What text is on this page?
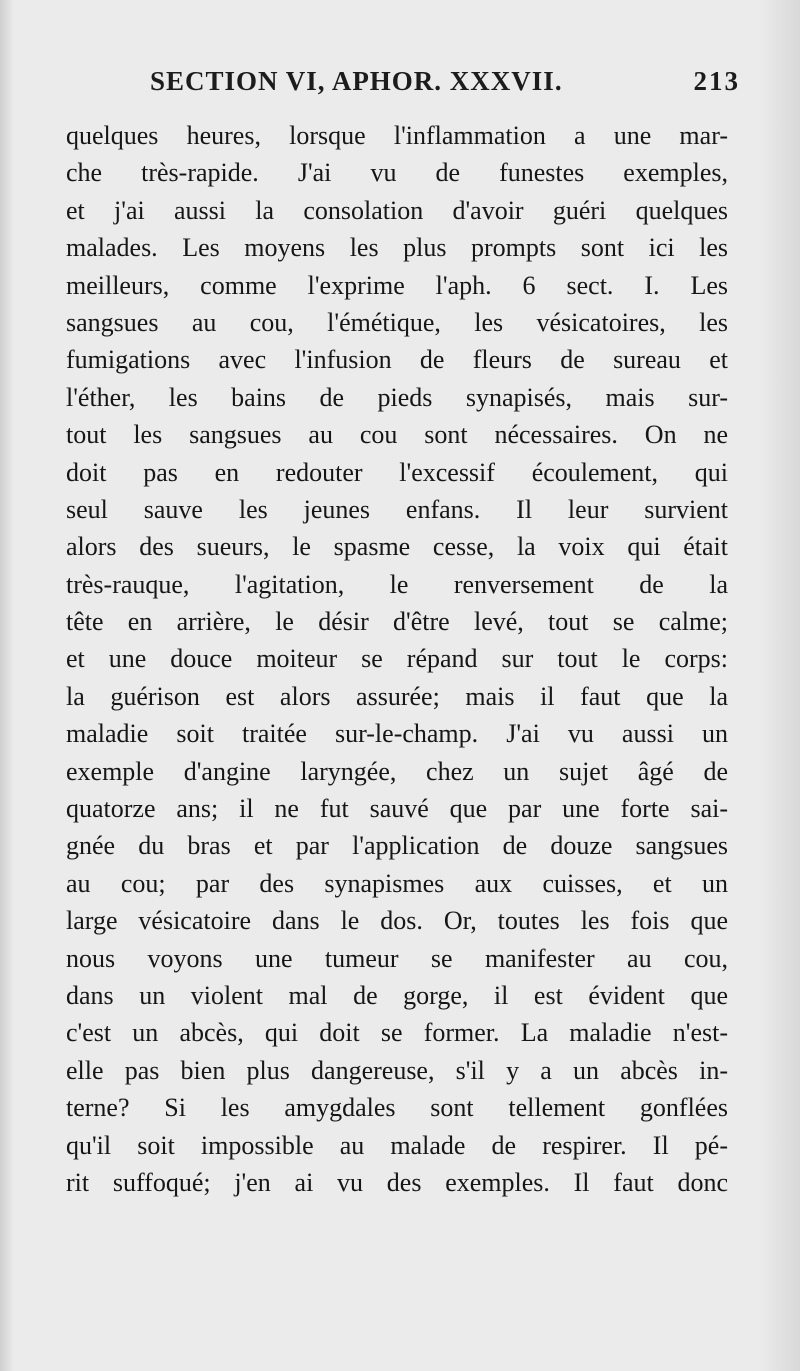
SECTION VI, APHOR. XXXVII.	213
quelques heures, lorsque l'inflammation a une mar-
che très-rapide. J'ai vu de funestes exemples,
et j'ai aussi la consolation d'avoir guéri quelques
malades. Les moyens les plus prompts sont ici les
meilleurs, comme l'exprime l'aph. 6 sect. I. Les
sangsues au cou, l'émétique, les vésicatoires, les
fumigations avec l'infusion de fleurs de sureau et
l'éther, les bains de pieds synapisés, mais sur-
tout les sangsues au cou sont nécessaires. On ne
doit pas en redouter l'excessif écoulement, qui
seul sauve les jeunes enfans. Il leur survient
alors des sueurs, le spasme cesse, la voix qui était
très-rauque, l'agitation, le renversement de la
tête en arrière, le désir d'être levé, tout se calme;
et une douce moiteur se répand sur tout le corps:
la guérison est alors assurée; mais il faut que la
maladie soit traitée sur-le-champ. J'ai vu aussi un
exemple d'angine laryngée, chez un sujet âgé de
quatorze ans; il ne fut sauvé que par une forte sai-
gnée du bras et par l'application de douze sangsues
au cou; par des synapismes aux cuisses, et un
large vésicatoire dans le dos. Or, toutes les fois que
nous voyons une tumeur se manifester au cou,
dans un violent mal de gorge, il est évident que
c'est un abcès, qui doit se former. La maladie n'est-
elle pas bien plus dangereuse, s'il y a un abcès in-
terne? Si les amygdales sont tellement gonflées
qu'il soit impossible au malade de respirer. Il pé-
rit suffoqué; j'en ai vu des exemples. Il faut donc
